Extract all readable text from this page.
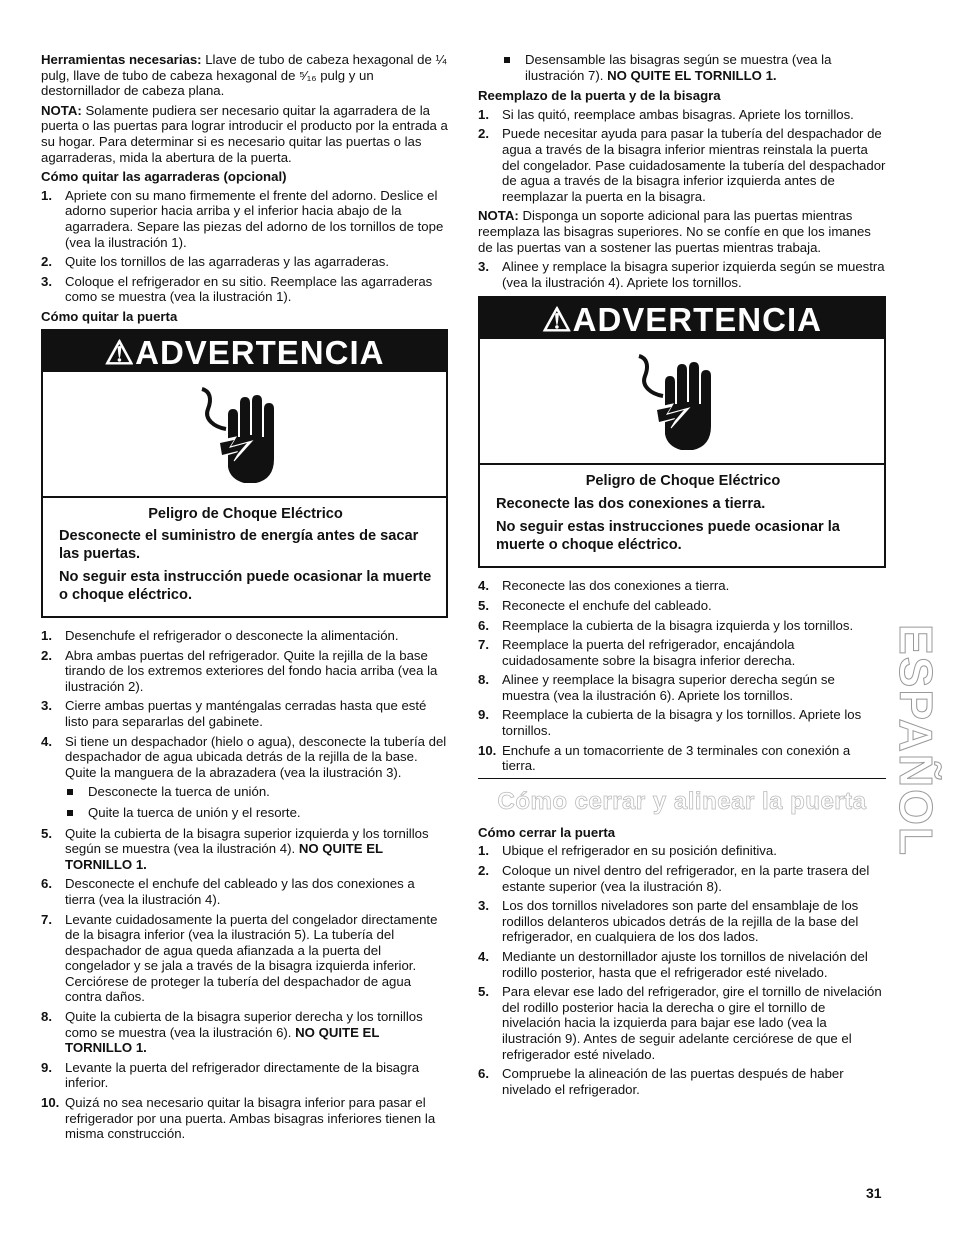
Herramientas necesarias: Llave de tubo de cabeza hexagonal de ¼ pulg, llave de tubo de cabeza hexagonal de ⁵⁄₁₆ pulg y un destornillador de cabeza plana.

NOTA: Solamente pudiera ser necesario quitar la agarradera de la puerta o las puertas para lograr introducir el producto por la entrada a su hogar. Para determinar si es necesario quitar las puertas o las agarraderas, mida la abertura de la puerta.

Cómo quitar las agarraderas (opcional)
1. Apriete con su mano firmemente el frente del adorno. Deslice el adorno superior hacia arriba y el inferior hacia abajo de la agarradera. Separe las piezas del adorno de los tornillos de tope (vea la ilustración 1).
2. Quite los tornillos de las agarraderas y las agarraderas.
3. Coloque el refrigerador en su sitio. Reemplace las agarraderas como se muestra (vea la ilustración 1).
Cómo quitar la puerta
⚠ADVERTENCIA
Peligro de Choque Eléctrico
Desconecte el suministro de energía antes de sacar las puertas.
No seguir esta instrucción puede ocasionar la muerte o choque eléctrico.
1. Desenchufe el refrigerador o desconecte la alimentación.
2. Abra ambas puertas del refrigerador. Quite la rejilla de la base tirando de los extremos exteriores del fondo hacia arriba (vea la ilustración 2).
3. Cierre ambas puertas y manténgalas cerradas hasta que esté listo para separarlas del gabinete.
4. Si tiene un despachador (hielo o agua), desconecte la tubería del despachador de agua ubicada detrás de la rejilla de la base. Quite la manguera de la abrazadera (vea la ilustración 3).
Desconecte la tuerca de unión.
Quite la tuerca de unión y el resorte.
5. Quite la cubierta de la bisagra superior izquierda y los tornillos según se muestra (vea la ilustración 4). NO QUITE EL TORNILLO 1.
6. Desconecte el enchufe del cableado y las dos conexiones a tierra (vea la ilustración 4).
7. Levante cuidadosamente la puerta del congelador directamente de la bisagra inferior (vea la ilustración 5). La tubería del despachador de agua queda afianzada a la puerta del congelador y se jala a través de la bisagra izquierda inferior. Cerciórese de proteger la tubería del despachador de agua contra daños.
8. Quite la cubierta de la bisagra superior derecha y los tornillos como se muestra (vea la ilustración 6). NO QUITE EL TORNILLO 1.
9. Levante la puerta del refrigerador directamente de la bisagra inferior.
10. Quizá no sea necesario quitar la bisagra inferior para pasar el refrigerador por una puerta. Ambas bisagras inferiores tienen la misma construcción.
Desensamble las bisagras según se muestra (vea la ilustración 7). NO QUITE EL TORNILLO 1.
Reemplazo de la puerta y de la bisagra
1. Si las quitó, reemplace ambas bisagras. Apriete los tornillos.
2. Puede necesitar ayuda para pasar la tubería del despachador de agua a través de la bisagra inferior mientras reinstala la puerta del congelador. Pase cuidadosamente la tubería del despachador de agua a través de la bisagra inferior izquierda antes de reemplazar la puerta en la bisagra.

NOTA: Disponga un soporte adicional para las puertas mientras reemplaza las bisagras superiores. No se confíe en que los imanes de las puertas van a sostener las puertas mientras trabaja.

3. Alinee y remplace la bisagra superior izquierda según se muestra (vea la ilustración 4). Apriete los tornillos.
⚠ADVERTENCIA
Peligro de Choque Eléctrico
Reconecte las dos conexiones a tierra.
No seguir estas instrucciones puede ocasionar la muerte o choque eléctrico.
4. Reconecte las dos conexiones a tierra.
5. Reconecte el enchufe del cableado.
6. Reemplace la cubierta de la bisagra izquierda y los tornillos.
7. Reemplace la puerta del refrigerador, encajándola cuidadosamente sobre la bisagra inferior derecha.
8. Alinee y reemplace la bisagra superior derecha según se muestra (vea la ilustración 6). Apriete los tornillos.
9. Reemplace la cubierta de la bisagra y los tornillos. Apriete los tornillos.
10. Enchufe a un tomacorriente de 3 terminales con conexión a tierra.
Cómo cerrar y alinear la puerta
Cómo cerrar la puerta
1. Ubique el refrigerador en su posición definitiva.
2. Coloque un nivel dentro del refrigerador, en la parte trasera del estante superior (vea la ilustración 8).
3. Los dos tornillos niveladores son parte del ensamblaje de los rodillos delanteros ubicados detrás de la rejilla de la base del refrigerador, en cualquiera de los dos lados.
4. Mediante un destornillador ajuste los tornillos de nivelación del rodillo posterior, hasta que el refrigerador esté nivelado.
5. Para elevar ese lado del refrigerador, gire el tornillo de nivelación del rodillo posterior hacia la derecha o gire el tornillo de nivelación hacia la izquierda para bajar ese lado (vea la ilustración 9). Antes de seguir adelante cerciórese de que el refrigerador esté nivelado.
6. Compruebe la alineación de las puertas después de haber nivelado el refrigerador.
ESPAÑOL
31
